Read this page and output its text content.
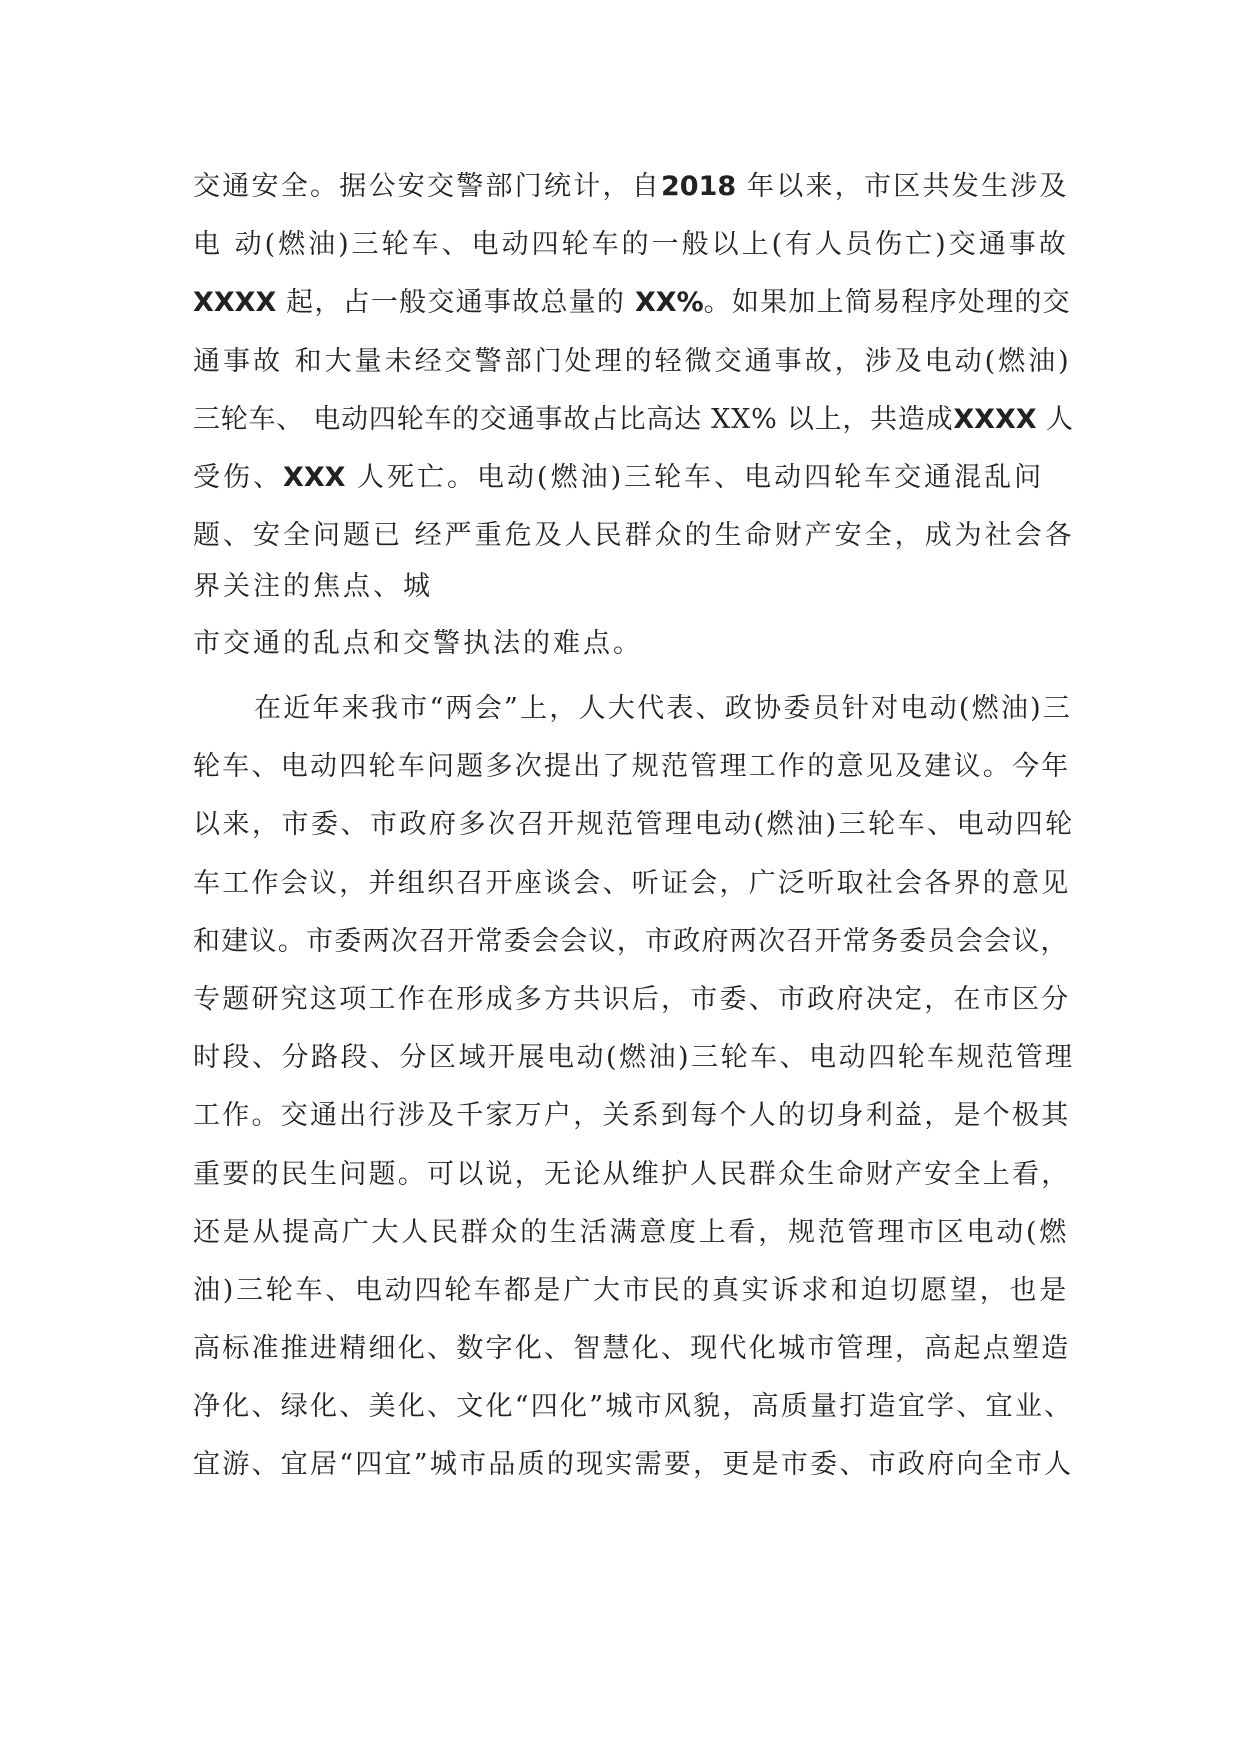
交通安全。据公安交警部门统计，自2018 年以来，市区共发生涉及
电 动(燃油)三轮车、电动四轮车的一般以上(有人员伤亡)交通事故
XXXX 起，占一般交通事故总量的 XX%。如果加上简易程序处理的交
通事故 和大量未经交警部门处理的轻微交通事故，涉及电动(燃油)
三轮车、 电动四轮车的交通事故占比高达 XX% 以上，共造成XXXX 人
受伤、XXX 人死亡。电动(燃油)三轮车、电动四轮车交通混乱问
题、安全问题已 经严重危及人民群众的生命财产安全，成为社会各
界关注的焦点、城
市交通的乱点和交警执法的难点。
在近年来我市“两会”上，人大代表、政协委员针对电动(燃油)三
轮车、电动四轮车问题多次提出了规范管理工作的意见及建议。今年
以来，市委、市政府多次召开规范管理电动(燃油)三轮车、电动四轮
车工作会议，并组织召开座谈会、听证会，广泛听取社会各界的意见
和建议。市委两次召开常委会会议，市政府两次召开常务委员会会议，
专题研究这项工作在形成多方共识后，市委、市政府决定，在市区分
时段、分路段、分区域开展电动(燃油)三轮车、电动四轮车规范管理
工作。交通出行涉及千家万户，关系到每个人的切身利益，是个极其
重要的民生问题。可以说，无论从维护人民群众生命财产安全上看，
还是从提高广大人民群众的生活满意度上看，规范管理市区电动(燃
油)三轮车、电动四轮车都是广大市民的真实诉求和迫切愿望，也是
高标准推进精细化、数字化、智慧化、现代化城市管理，高起点塑造
净化、绿化、美化、文化“四化”城市风貌，高质量打造宜学、宜业、
宜游、宜居“四宜”城市品质的现实需要，更是市委、市政府向全市人
